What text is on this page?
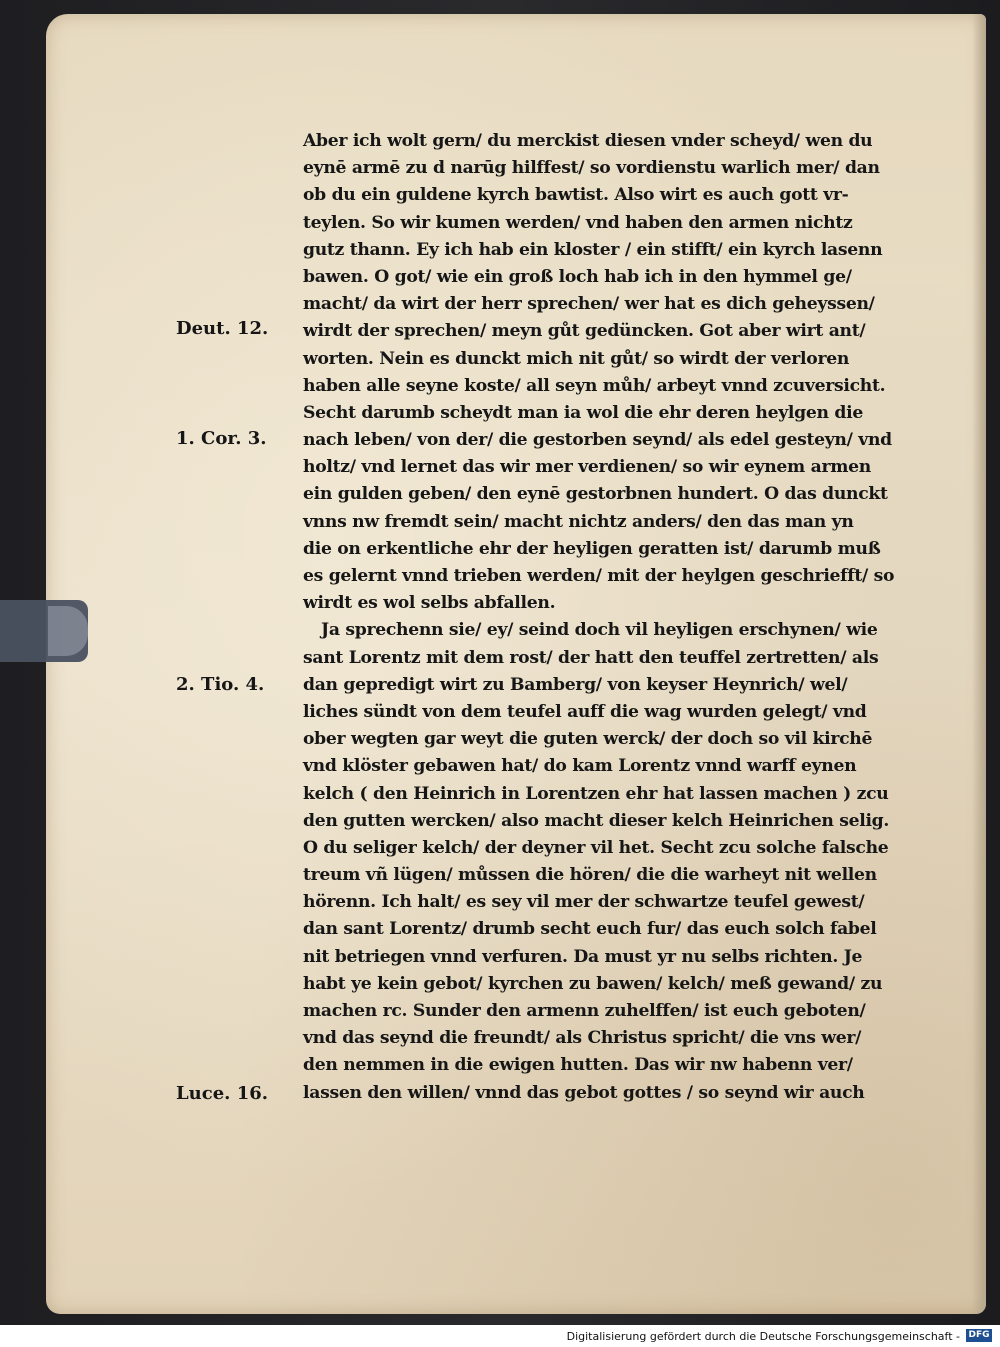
Deut. 12.
1. Cor. 3.
2. Tio. 4.
Luce. 16.
Aber ich wolt gern/ du merckist diesen vnder scheyd/ wen du
eynē armē zu d narūg hilffest/ so vordienstu warlich mer/ dan
ob du ein guldene kyrch bawtist. Also wirt es auch gott vr-
teylen. So wir kumen werden/ vnd haben den armen nichtz
gutz thann. Ey ich hab ein kloster / ein stifft/ ein kyrch lasenn
bawen. O got/ wie ein groß loch hab ich in den hymmel ge/
macht/ da wirt der herr sprechen/ wer hat es dich geheyssen/
wirdt der sprechen/ meyn gůt gedüncken. Got aber wirt ant/
worten. Nein es dunckt mich nit gůt/ so wirdt der verloren
haben alle seyne koste/ all seyn můh/ arbeyt vnnd zcuversicht.
Secht darumb scheydt man ia wol die ehr deren heylgen die
nach leben/ von der/ die gestorben seynd/ als edel gesteyn/ vnd
holtz/ vnd lernet das wir mer verdienen/ so wir eynem armen
ein gulden geben/ den eynē gestorbnen hundert. O das dunckt
vnns nw fremdt sein/ macht nichtz anders/ den das man yn
die on erkentliche ehr der heyligen geratten ist/ darumb muß
es gelernt vnnd trieben werden/ mit der heylgen geschriefft/ so
wirdt es wol selbs abfallen.
Ja sprechenn sie/ ey/ seind doch vil heyligen erschynen/ wie
sant Lorentz mit dem rost/ der hatt den teuffel zertretten/ als
dan gepredigt wirt zu Bamberg/ von keyser Heynrich/ wel/
liches sündt von dem teufel auff die wag wurden gelegt/ vnd
ober wegten gar weyt die guten werck/ der doch so vil kirchē
vnd klöster gebawen hat/ do kam Lorentz vnnd warff eynen
kelch ( den Heinrich in Lorentzen ehr hat lassen machen ) zcu
den gutten wercken/ also macht dieser kelch Heinrichen selig.
O du seliger kelch/ der deyner vil het. Secht zcu solche falsche
treum vñ lügen/ můssen die hören/ die die warheyt nit wellen
hörenn. Ich halt/ es sey vil mer der schwartze teufel gewest/
dan sant Lorentz/ drumb secht euch fur/ das euch solch fabel
nit betriegen vnnd verfuren. Da must yr nu selbs richten. Je
habt ye kein gebot/ kyrchen zu bawen/ kelch/ meß gewand/ zu
machen rc. Sunder den armenn zuhelffen/ ist euch geboten/
vnd das seynd die freundt/ als Christus spricht/ die vns wer/
den nemmen in die ewigen hutten. Das wir nw habenn ver/
lassen den willen/ vnnd das gebot gottes / so seynd wir auch
Digitalisierung gefördert durch die Deutsche Forschungsgemeinschaft - DFG
